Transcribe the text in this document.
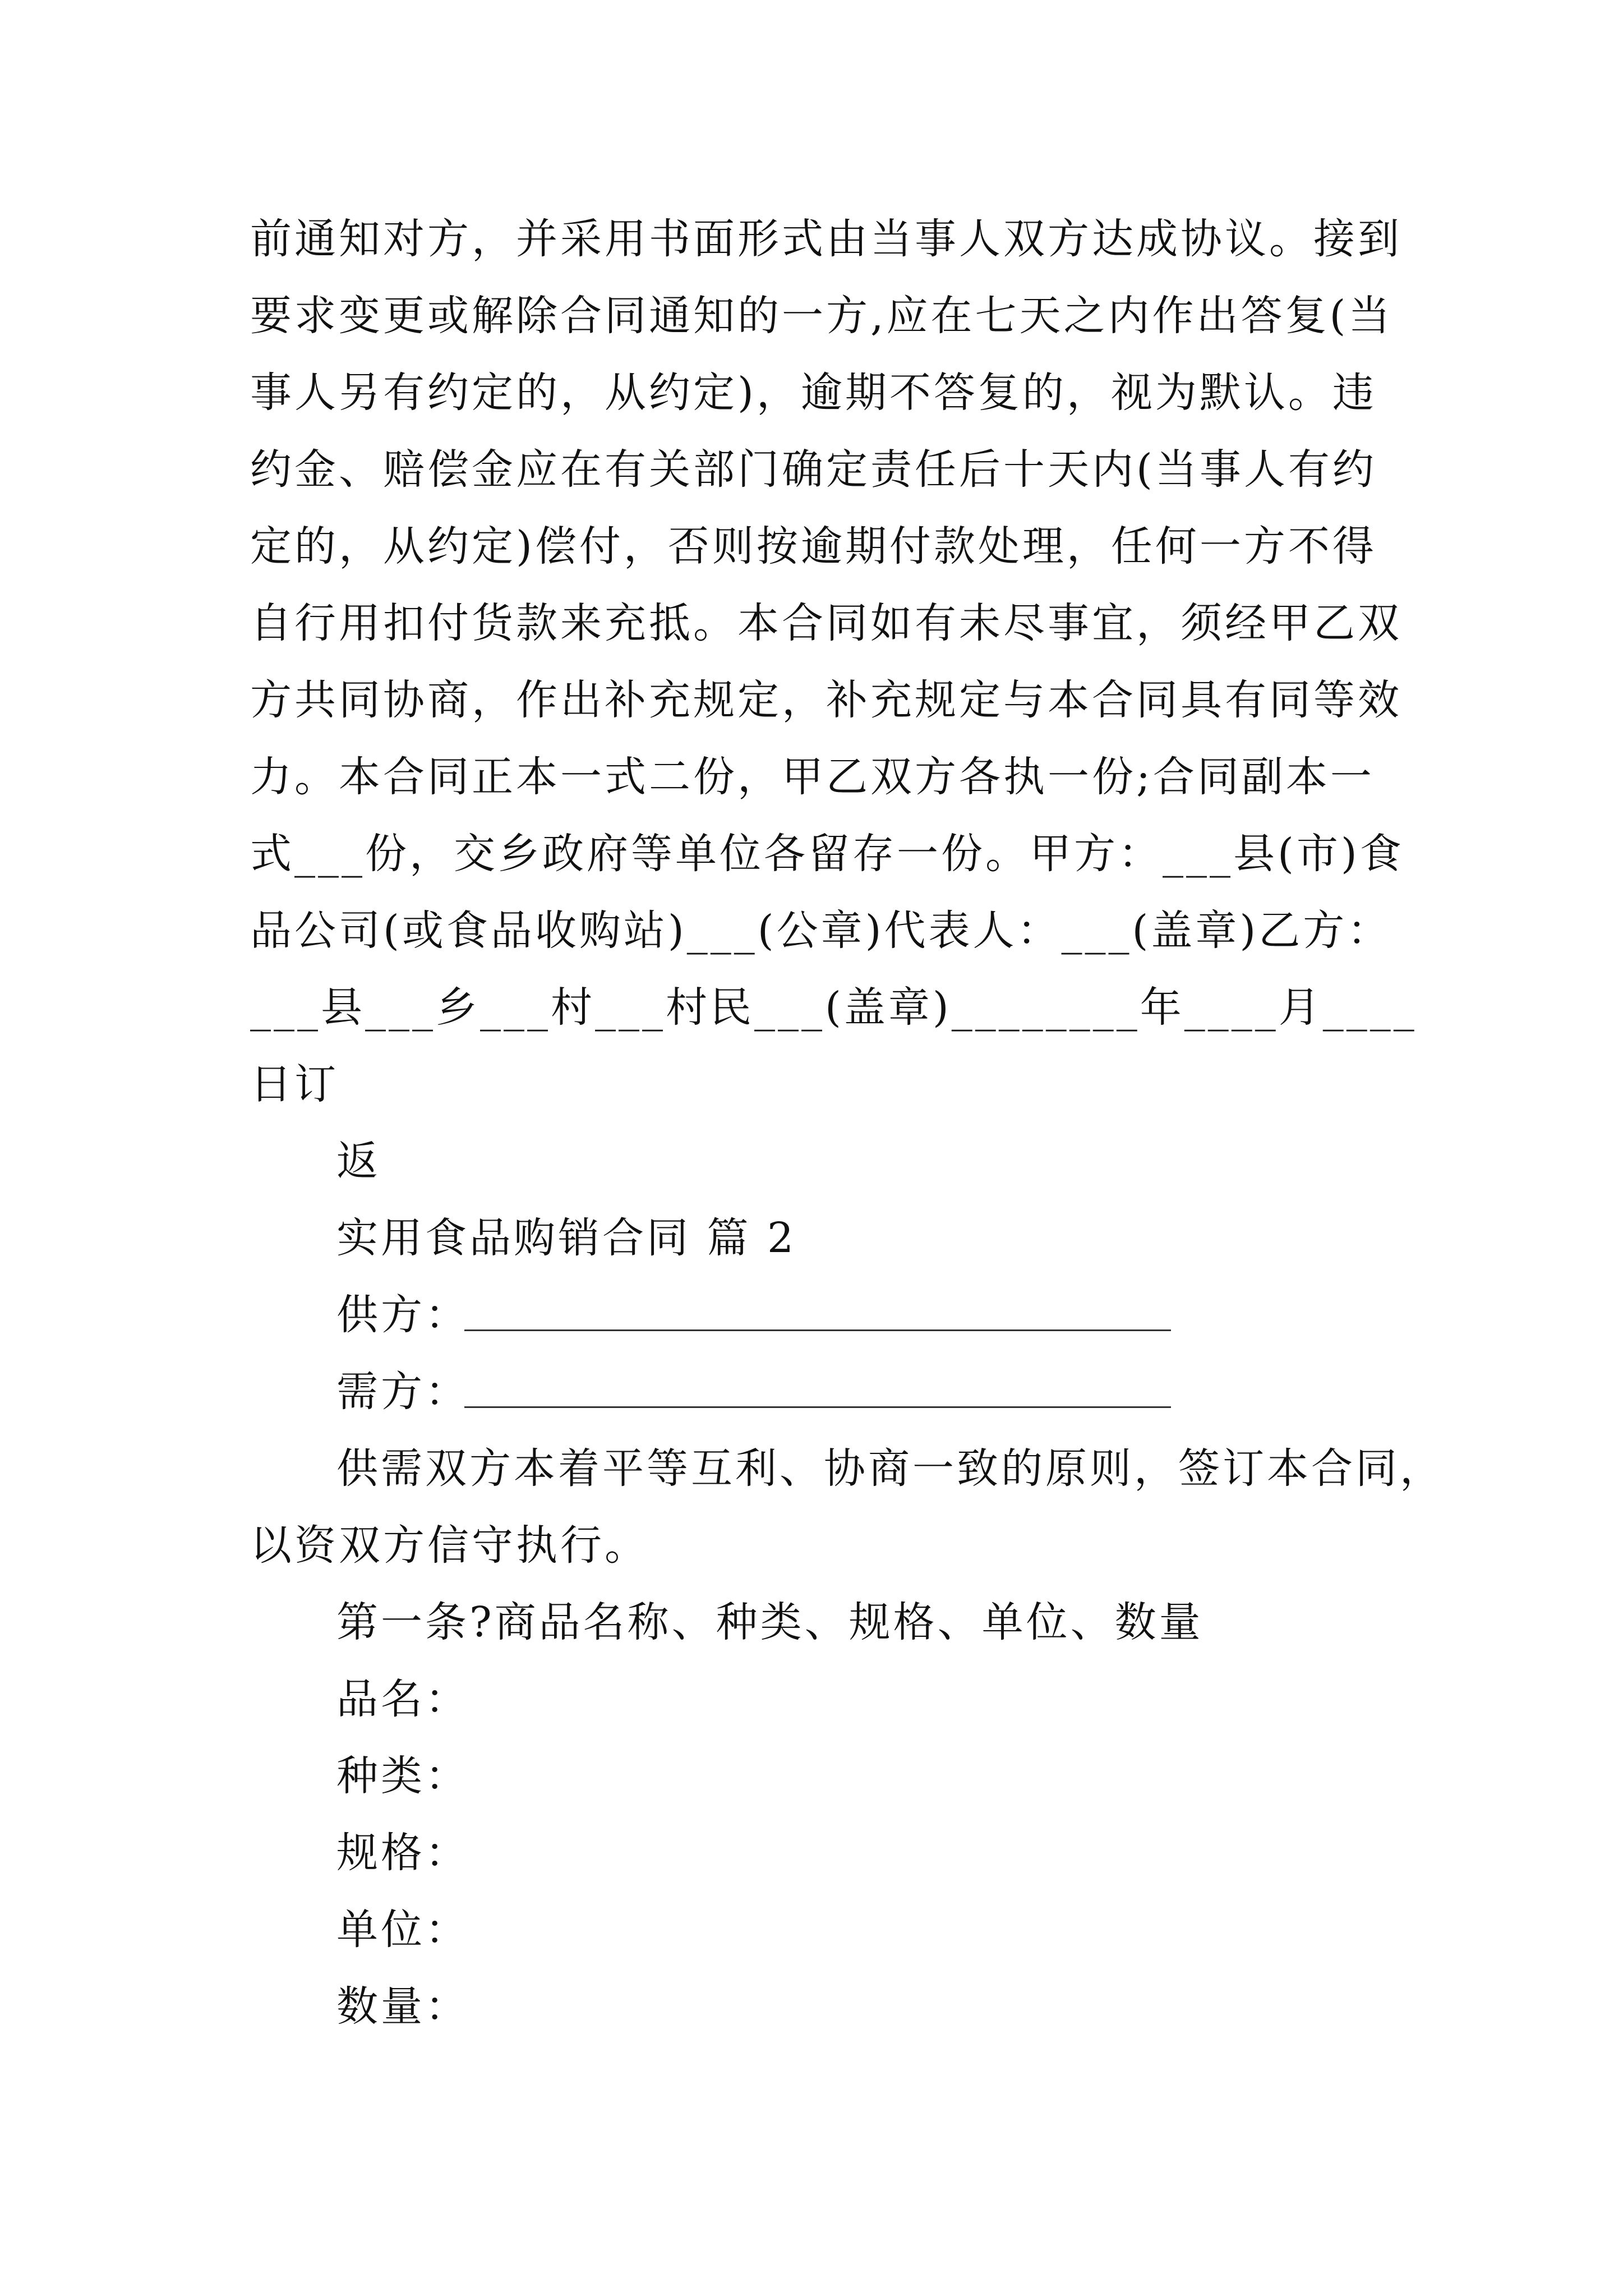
前通知对方，并采用书面形式由当事人双方达成协议。接到
要求变更或解除合同通知的一方,应在七天之内作出答复(当
事人另有约定的，从约定)，逾期不答复的，视为默认。违
约金、赔偿金应在有关部门确定责任后十天内(当事人有约
定的，从约定)偿付，否则按逾期付款处理，任何一方不得
自行用扣付货款来充抵。本合同如有未尽事宜，须经甲乙双
方共同协商，作出补充规定，补充规定与本合同具有同等效
力。本合同正本一式二份，甲乙双方各执一份;合同副本一
式___份，交乡政府等单位各留存一份。甲方：___县(市)食
品公司(或食品收购站)___(公章)代表人：___(盖章)乙方：
___县___乡___村___村民___(盖章)________年____月____
日订
返
实用食品购销合同 篇 2
供方：
需方：
供需双方本着平等互利、协商一致的原则，签订本合同，
以资双方信守执行。
第一条?商品名称、种类、规格、单位、数量
品名：
种类：
规格：
单位：
数量：
